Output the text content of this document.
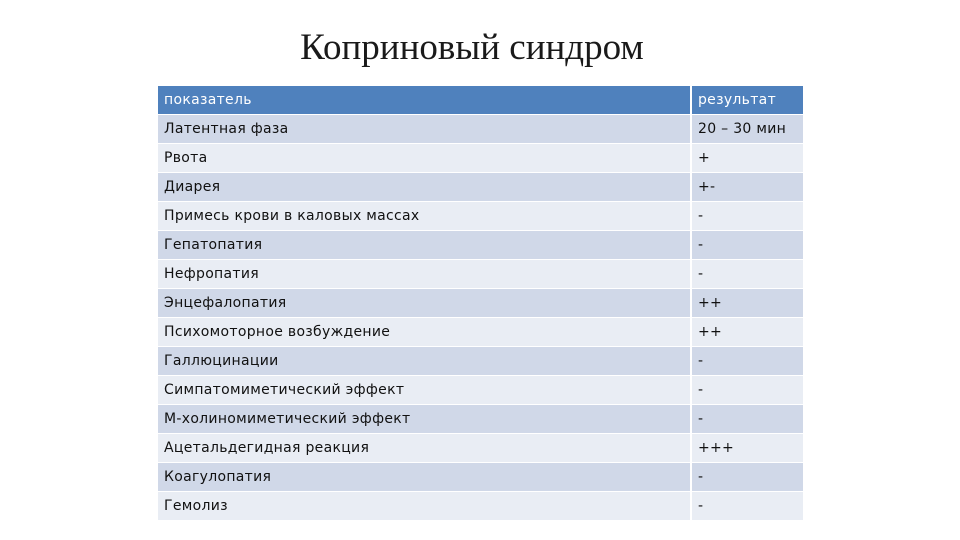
Коприновый синдром
показатель	результат
Латентная фаза	20 – 30 мин
Рвота	+
Диарея	+-
Примесь крови в каловых массах	-
Гепатопатия	-
Нефропатия	-
Энцефалопатия	++
Психомоторное возбуждение	++
Галлюцинации	-
Симпатомиметический эффект	-
М-холиномиметический эффект	-
Ацетальдегидная реакция	+++
Коагулопатия	-
Гемолиз	-
